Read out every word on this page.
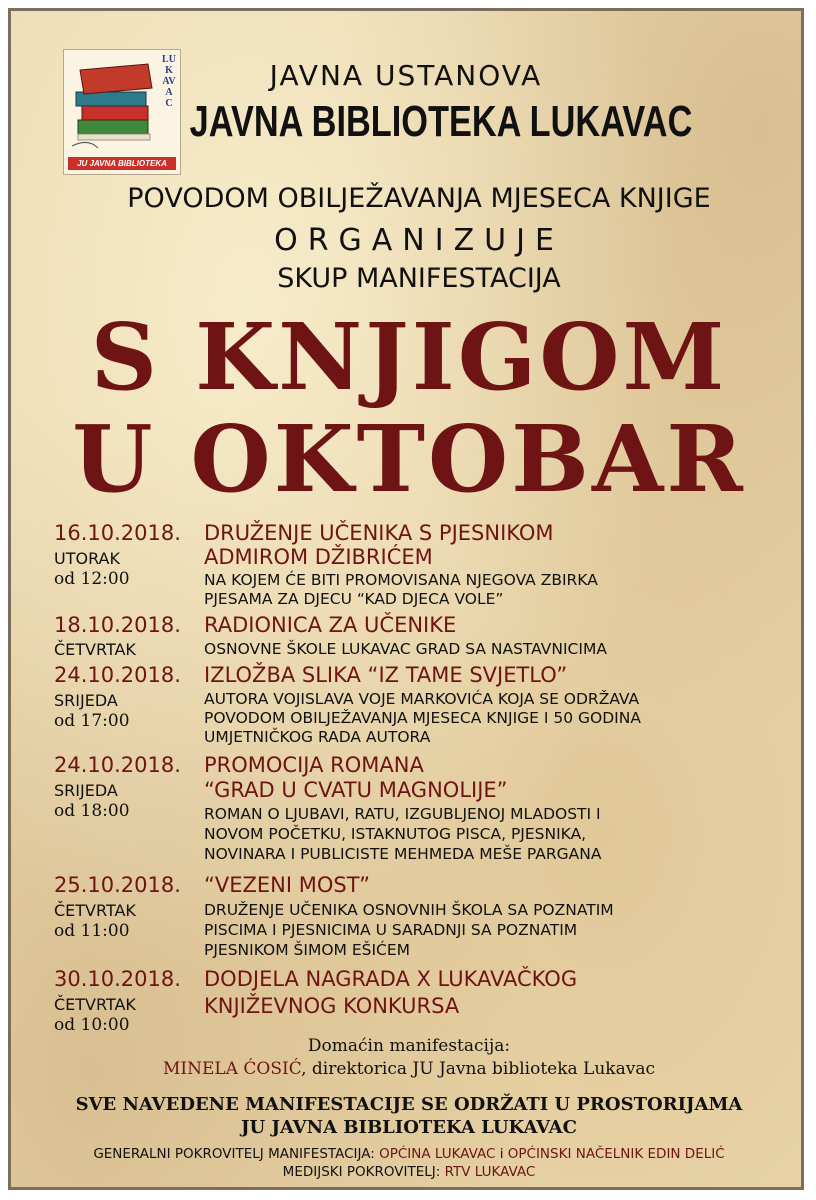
LUKAVAC
JU JAVNA BIBLIOTEKA
JAVNA USTANOVA
JAVNA BIBLIOTEKA LUKAVAC
POVODOM OBILJEŽAVANJA MJESECA KNJIGE
ORGANIZUJE
SKUP MANIFESTACIJA
S KNJIGOM
U OKTOBAR
16.10.2018.
UTORAK
od 12:00
DRUŽENJE UČENIKA S PJESNIKOM
ADMIROM DŽIBRIĆEM
NA KOJEM ĆE BITI PROMOVISANA NJEGOVA ZBIRKA
PJESAMA ZA DJECU “KAD DJECA VOLE”
18.10.2018.
ČETVRTAK
RADIONICA ZA UČENIKE
OSNOVNE ŠKOLE LUKAVAC GRAD SA NASTAVNICIMA
24.10.2018.
SRIJEDA
od 17:00
IZLOŽBA SLIKA “IZ TAME SVJETLO”
AUTORA VOJISLAVA VOJE MARKOVIĆA KOJA SE ODRŽAVA
POVODOM OBILJEŽAVANJA MJESECA KNJIGE I 50 GODINA
UMJETNIČKOG RADA AUTORA
24.10.2018.
SRIJEDA
od 18:00
PROMOCIJA ROMANA
“GRAD U CVATU MAGNOLIJE”
ROMAN O LJUBAVI, RATU, IZGUBLJENOJ MLADOSTI I
NOVOM POČETKU, ISTAKNUTOG PISCA, PJESNIKA,
NOVINARA I PUBLICISTE MEHMEDA MEŠE PARGANA
25.10.2018.
ČETVRTAK
od 11:00
“VEZENI MOST”
DRUŽENJE UČENIKA OSNOVNIH ŠKOLA SA POZNATIM
PISCIMA I PJESNICIMA U SARADNJI SA POZNATIM
PJESNIKOM ŠIMOM EŠIĆEM
30.10.2018.
ČETVRTAK
od 10:00
DODJELA NAGRADA X LUKAVAČKOG
KNJIŽEVNOG KONKURSA
Domaćin manifestacija:
MINELA ĆOSIĆ, direktorica JU Javna biblioteka Lukavac
SVE NAVEDENE MANIFESTACIJE SE ODRŽATI U PROSTORIJAMA
JU JAVNA BIBLIOTEKA LUKAVAC
GENERALNI POKROVITELJ MANIFESTACIJA: OPĆINA LUKAVAC i OPĆINSKI NAČELNIK EDIN DELIĆ
MEDIJSKI POKROVITELJ: RTV LUKAVAC
